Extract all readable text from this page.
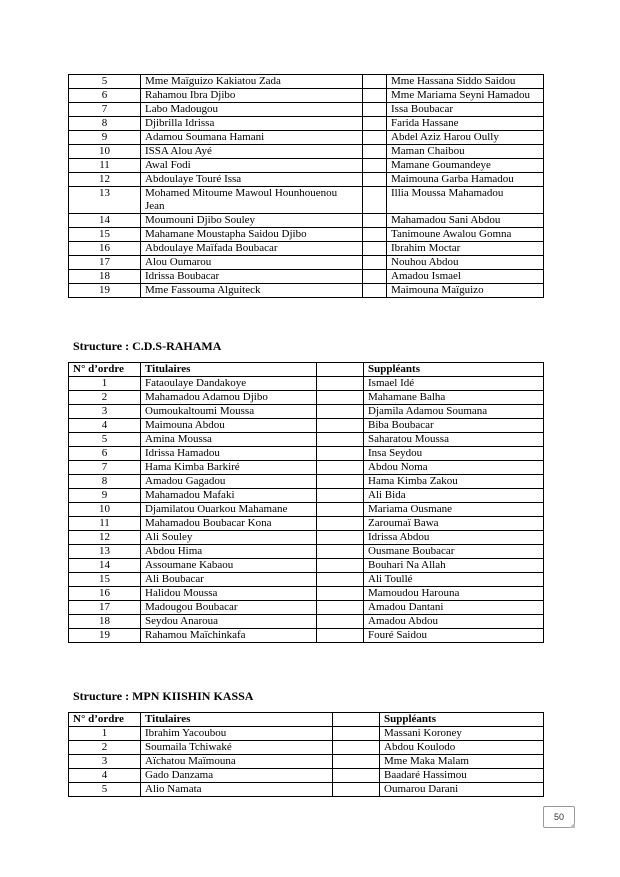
5	Mme Maïguizo Kakiatou Zada		Mme Hassana Siddo Saidou
6	Rahamou Ibra Djibo		Mme Mariama Seyni Hamadou
7	Labo Madougou		Issa Boubacar
8	Djibrilla Idrissa		Farida Hassane
9	Adamou Soumana Hamani		Abdel Aziz Harou Oully
10	ISSA Alou Ayé		Maman Chaibou
11	Awal Fodi		Mamane Goumandeye
12	Abdoulaye Touré Issa		Maimouna Garba Hamadou
13	Mohamed Mitoume Mawoul Hounhouenou Jean		Illia Moussa Mahamadou
14	Moumouni Djibo Souley		Mahamadou Sani Abdou
15	Mahamane Moustapha Saidou Djibo		Tanimoune Awalou Gomna
16	Abdoulaye Maïfada Boubacar		Ibrahim Moctar
17	Alou Oumarou		Nouhou Abdou
18	Idrissa Boubacar		Amadou Ismael
19	Mme Fassouma Alguiteck		Maimouna Maïguizo
Structure : C.D.S-RAHAMA
N° d’ordre	Titulaires		Suppléants
1	Fataoulaye Dandakoye		Ismael Idé
2	Mahamadou Adamou Djibo		Mahamane Balha
3	Oumoukaltoumi Moussa		Djamila Adamou Soumana
4	Maimouna Abdou		Biba Boubacar
5	Amina Moussa		Saharatou Moussa
6	Idrissa Hamadou		Insa Seydou
7	Hama Kimba Barkiré		Abdou Noma
8	Amadou Gagadou		Hama Kimba Zakou
9	Mahamadou Mafaki		Ali Bida
10	Djamilatou Ouarkou Mahamane		Mariama Ousmane
11	Mahamadou Boubacar Kona		Zaroumaï Bawa
12	Ali Souley		Idrissa Abdou
13	Abdou Hima		Ousmane Boubacar
14	Assoumane Kabaou		Bouhari Na Allah
15	Ali Boubacar		Ali Toullé
16	Halidou Moussa		Mamoudou Harouna
17	Madougou Boubacar		Amadou Dantani
18	Seydou Anaroua		Amadou Abdou
19	Rahamou Maïchinkafa		Fouré Saidou
Structure : MPN KIISHIN KASSA
N° d’ordre	Titulaires		Suppléants
1	Ibrahim Yacoubou		Massani Koroney
2	Soumaila Tchiwaké		Abdou Koulodo
3	Aïchatou Maïmouna		Mme Maka Malam
4	Gado Danzama		Baadaré Hassimou
5	Alio Namata		Oumarou Darani
50
